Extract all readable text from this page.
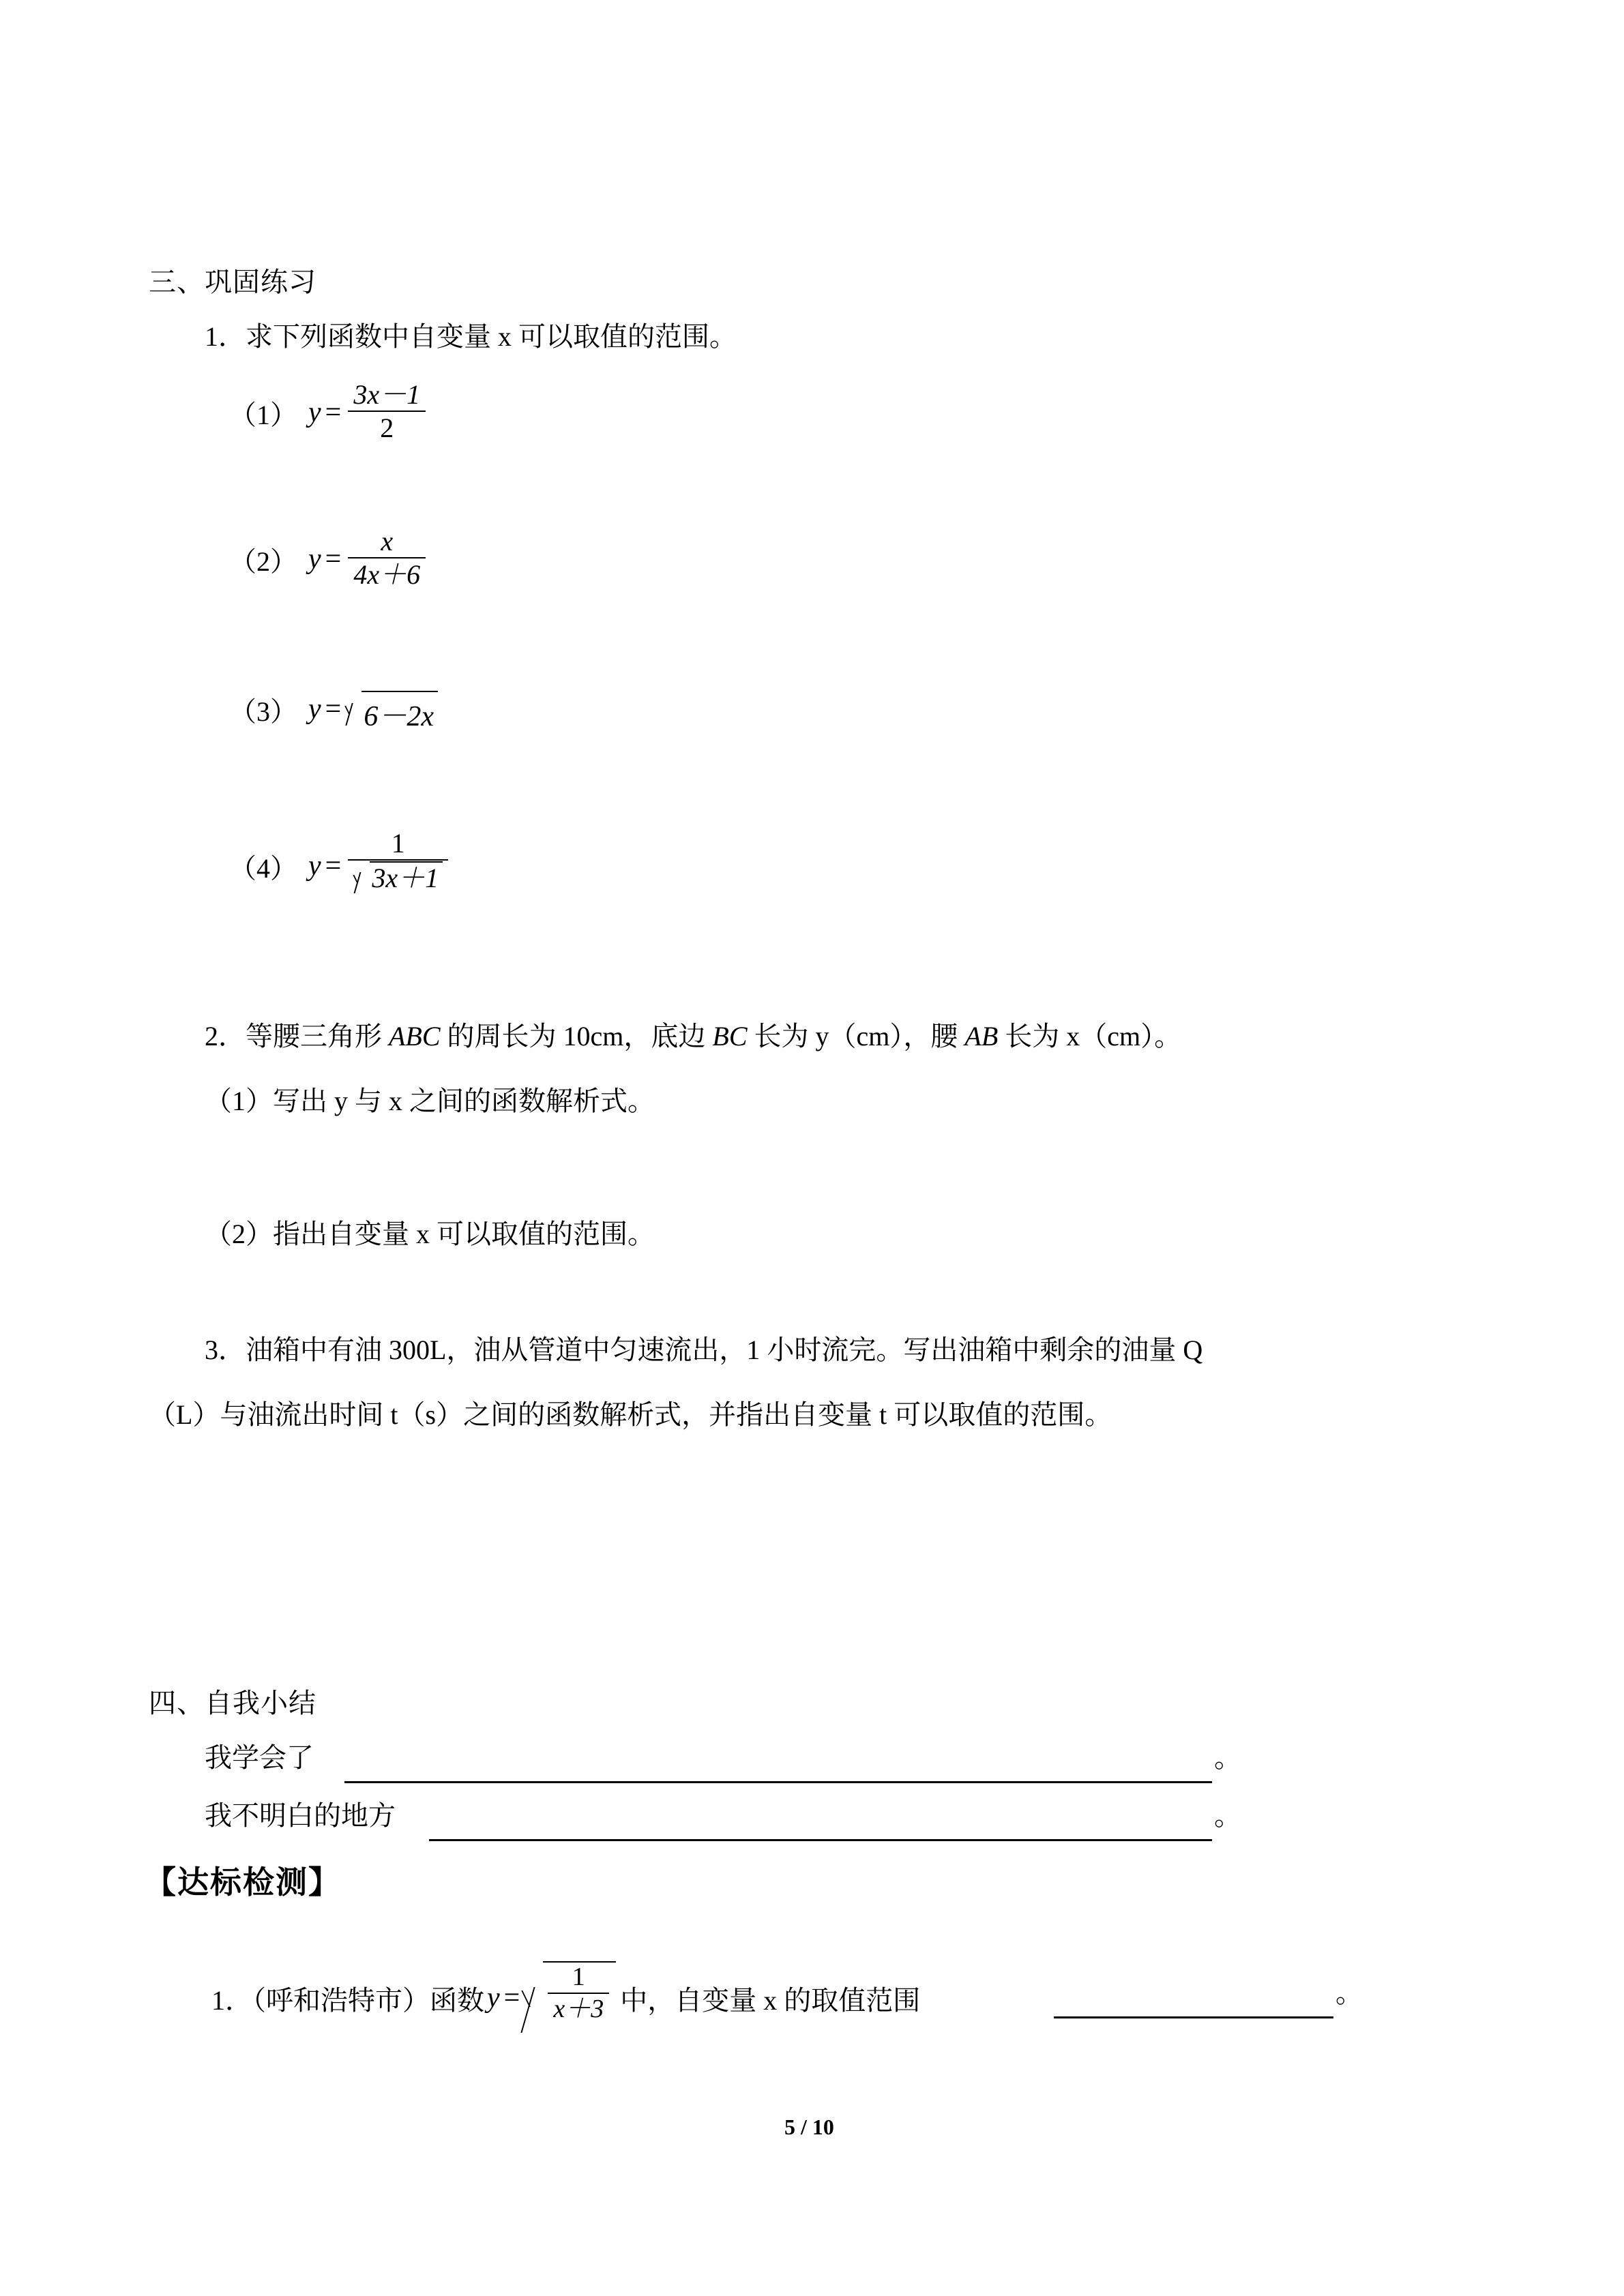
三、巩固练习
1．求下列函数中自变量 x 可以取值的范围。
（1） $y = \frac{3x-1}{2}$
（2） $y = \frac{x}{4x+6}$
（3） y = 6－2x
（4） $y = \frac{1}{3x+1}$
2．等腰三角形 ABC 的周长为 10cm，底边 BC 长为 y（cm），腰 AB 长为 x（cm）。
（1）写出 y 与 x 之间的函数解析式。
（2）指出自变量 x 可以取值的范围。
3．油箱中有油 300L，油从管道中匀速流出，1 小时流完。写出油箱中剩余的油量 Q
（L）与油流出时间 t（s）之间的函数解析式，并指出自变量 t 可以取值的范围。
四、自我小结
我学会了	。
我不明白的地方	。
【达标检测】
1．（呼和浩特市）函数 $y = \frac{1}{x+3}$ 中，自变量 x 的取值范围	。
5 / 10
